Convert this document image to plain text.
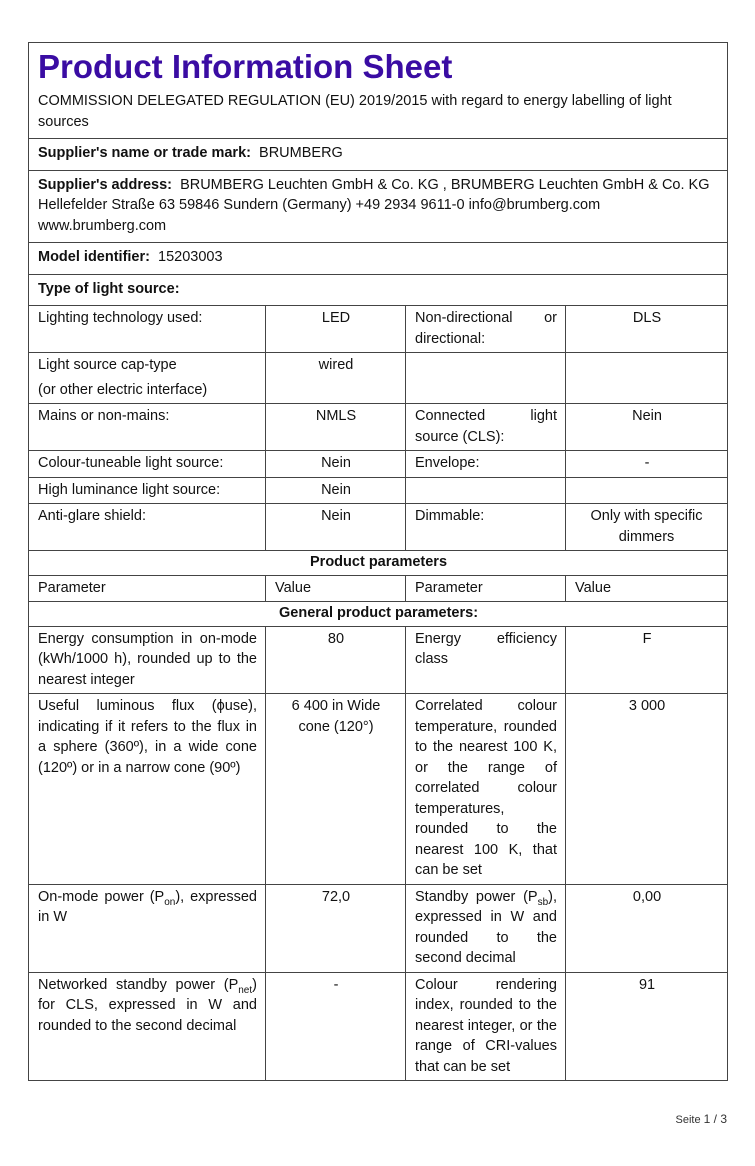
Product Information Sheet
COMMISSION DELEGATED REGULATION (EU) 2019/2015 with regard to energy labelling of light sources			

Supplier's name or trade mark: BRUMBERG			
Supplier's address: BRUMBERG Leuchten GmbH & Co. KG , BRUMBERG Leuchten GmbH & Co. KG Hellefelder Straße 63 59846 Sundern (Germany) +49 2934 9611-0 info@brumberg.com www.brumberg.com			
Model identifier: 15203003			
Type of light source:			
Lighting technology used:	LED	Non-directional or directional:	DLS

Light source cap-type
(or other electric interface)	wired		
Mains or non-mains:	NMLS	Connected light source (CLS):	Nein
Colour-tuneable light source:	Nein	Envelope:	-
High luminance light source:	Nein		
Anti-glare shield:	Nein	Dimmable:	Only with specific dimmers
Product parameters			
Parameter	Value	Parameter	Value
General product parameters:			
Energy consumption in on-mode (kWh/1000 h), rounded up to the nearest integer	80	Energy efficiency class	F
Useful luminous flux (ϕuse), indicating if it refers to the flux in a sphere (360º), in a wide cone (120º) or in a narrow cone (90º)	6 400 in Wide cone (120°)	Correlated colour temperature, rounded to the nearest 100 K, or the range of correlated colour temperatures, rounded to the nearest 100 K, that can be set	3 000
On-mode power $(P_{on})$, expressed in W	72,0	Standby power $(P_{sb})$, expressed in W and rounded to the second decimal	0,00
Networked standby power $(P_{net})$ for CLS, expressed in W and rounded to the second decimal	-	Colour rendering index, rounded to the nearest integer, or the range of CRI-values that can be set	91
Seite 1 / 3
